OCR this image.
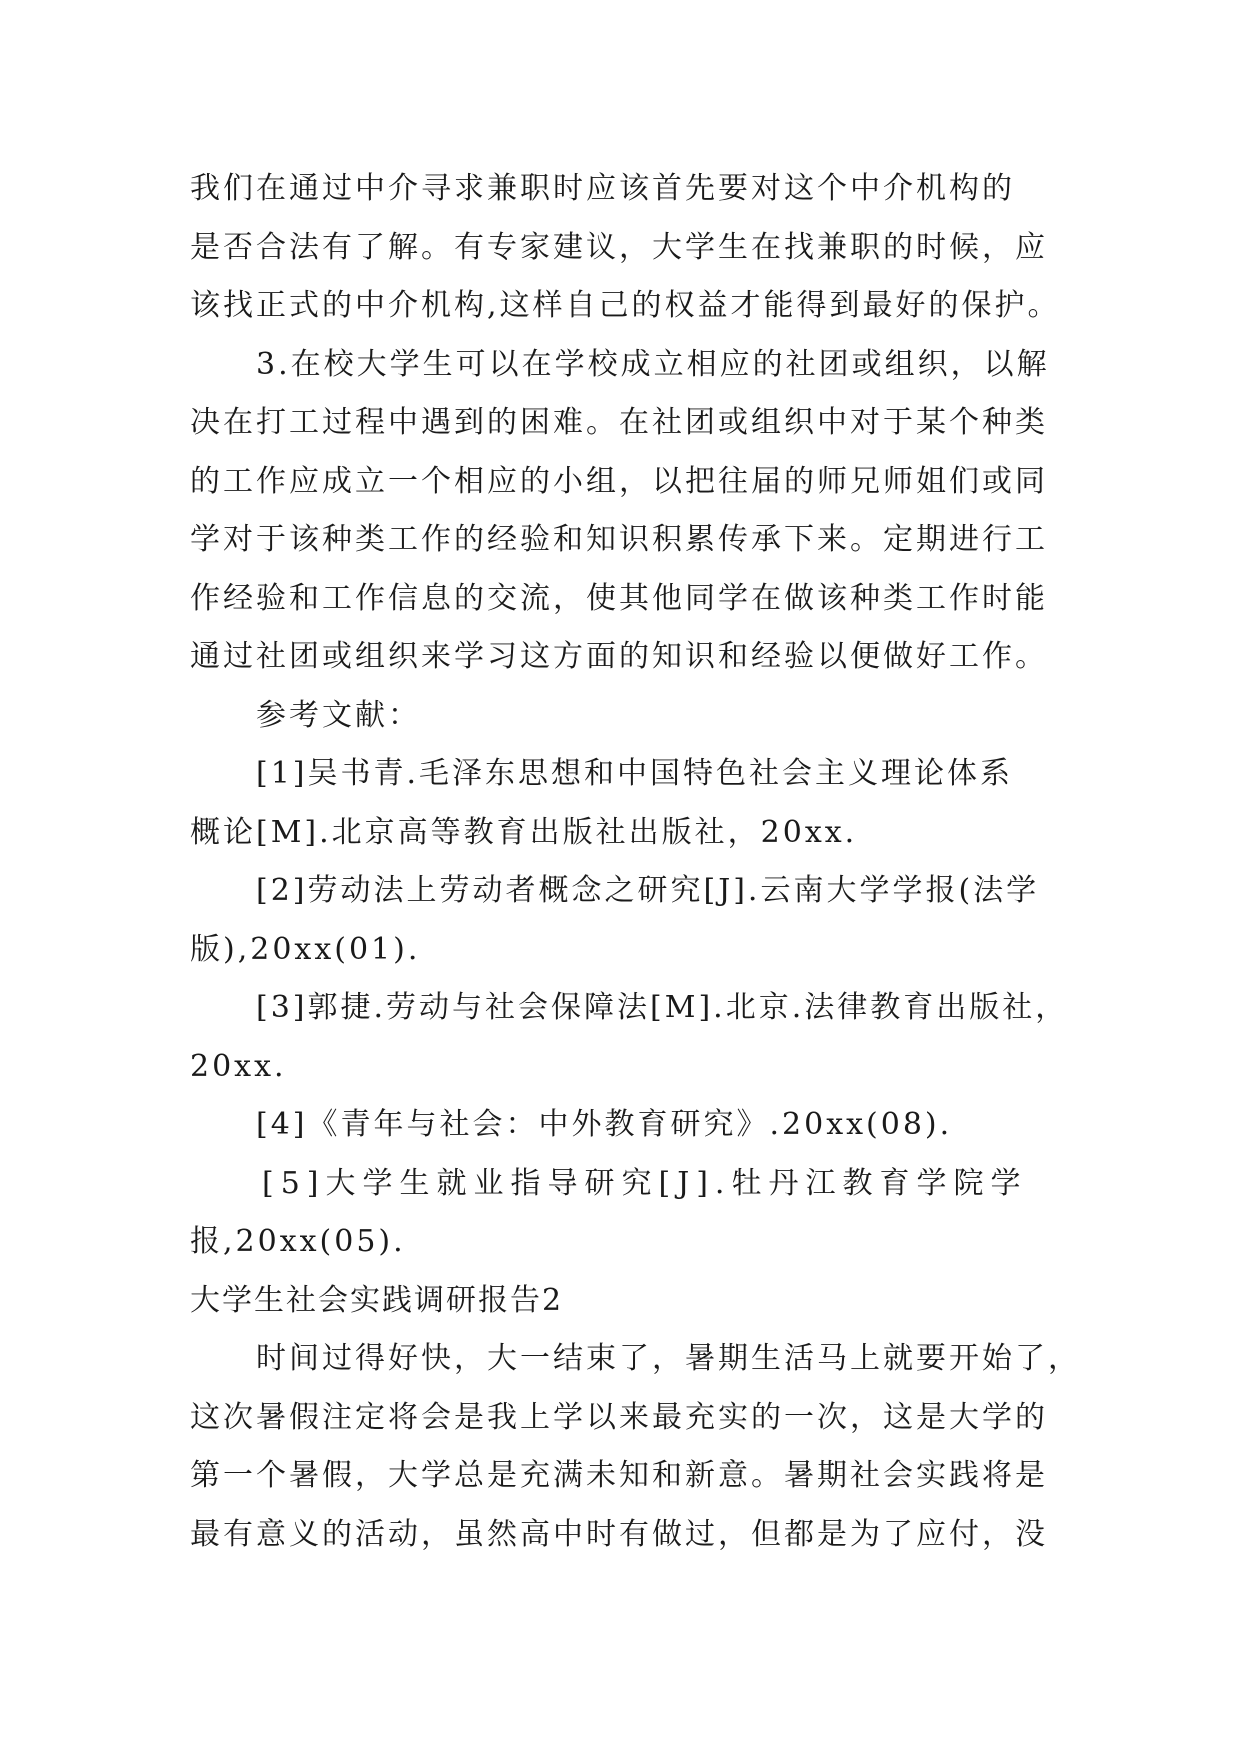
我们在通过中介寻求兼职时应该首先要对这个中介机构的
是否合法有了解。有专家建议，大学生在找兼职的时候，应
该找正式的中介机构,这样自己的权益才能得到最好的保护。
3.在校大学生可以在学校成立相应的社团或组织，以解
决在打工过程中遇到的困难。在社团或组织中对于某个种类
的工作应成立一个相应的小组，以把往届的师兄师姐们或同
学对于该种类工作的经验和知识积累传承下来。定期进行工
作经验和工作信息的交流，使其他同学在做该种类工作时能
通过社团或组织来学习这方面的知识和经验以便做好工作。
参考文献：
[1]吴书青.毛泽东思想和中国特色社会主义理论体系
概论[M].北京高等教育出版社出版社，20xx.
[2]劳动法上劳动者概念之研究[J].云南大学学报(法学
版),20xx(01).
[3]郭捷.劳动与社会保障法[M].北京.法律教育出版社，
20xx.
[4]《青年与社会：中外教育研究》.20xx(08).
[5]大学生就业指导研究[J].牡丹江教育学院学
报,20xx(05).
大学生社会实践调研报告2
时间过得好快，大一结束了，暑期生活马上就要开始了，
这次暑假注定将会是我上学以来最充实的一次，这是大学的
第一个暑假，大学总是充满未知和新意。暑期社会实践将是
最有意义的活动，虽然高中时有做过，但都是为了应付，没
